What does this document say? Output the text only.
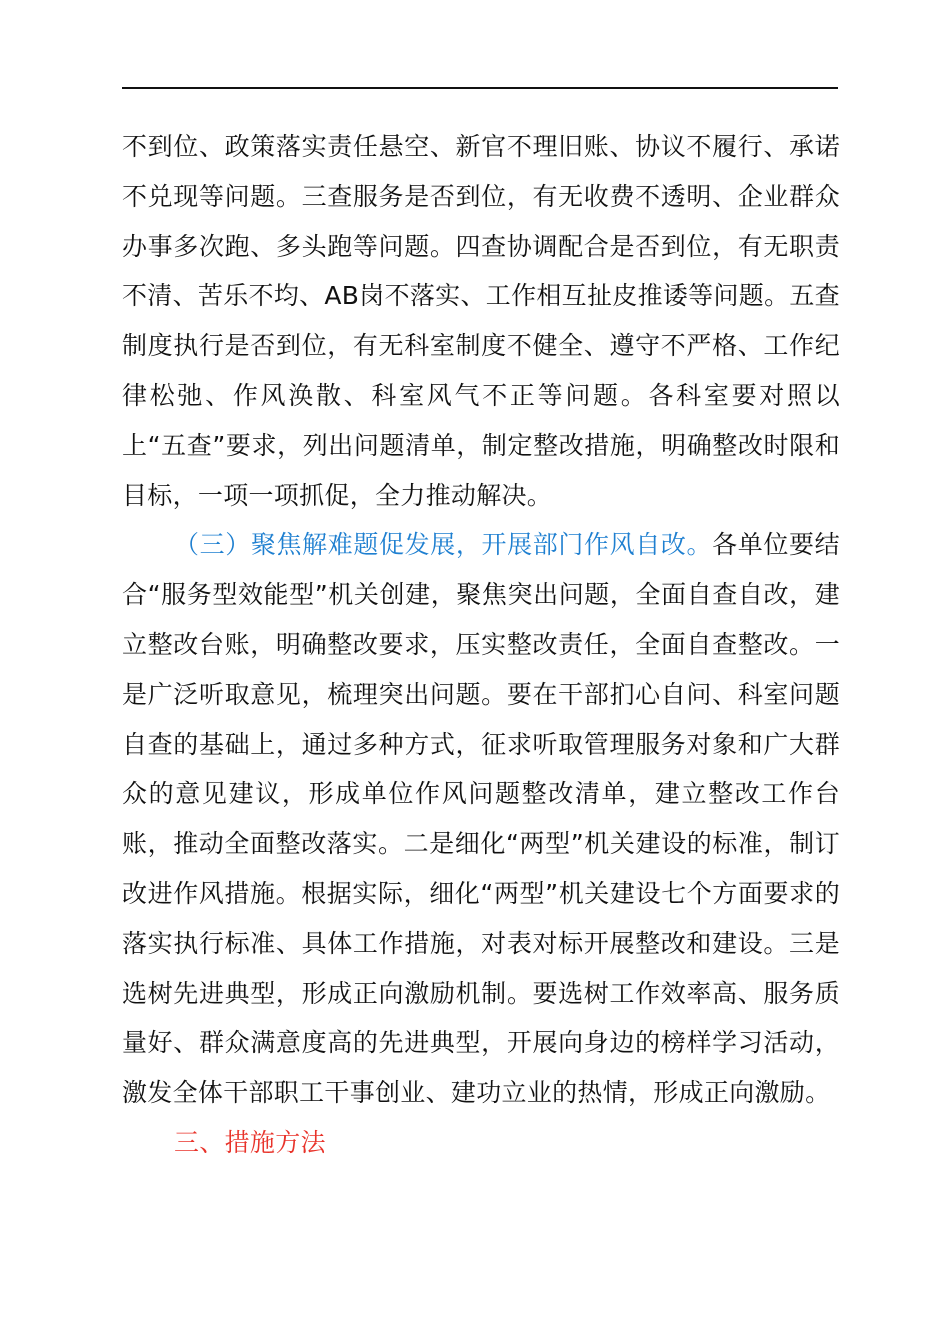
不到位、政策落实责任悬空、新官不理旧账、协议不履行、承诺不兑现等问题。三查服务是否到位，有无收费不透明、企业群众办事多次跑、多头跑等问题。四查协调配合是否到位，有无职责不清、苦乐不均、AB岗不落实、工作相互扯皮推诿等问题。五查制度执行是否到位，有无科室制度不健全、遵守不严格、工作纪律松弛、作风涣散、科室风气不正等问题。各科室要对照以上“五查”要求，列出问题清单，制定整改措施，明确整改时限和目标，一项一项抓促，全力推动解决。

（三）聚焦解难题促发展，开展部门作风自改。各单位要结合“服务型效能型”机关创建，聚焦突出问题，全面自查自改，建立整改台账，明确整改要求，压实整改责任，全面自查整改。一是广泛听取意见，梳理突出问题。要在干部扪心自问、科室问题自查的基础上，通过多种方式，征求听取管理服务对象和广大群众的意见建议，形成单位作风问题整改清单，建立整改工作台账，推动全面整改落实。二是细化“两型”机关建设的标准，制订改进作风措施。根据实际，细化“两型”机关建设七个方面要求的落实执行标准、具体工作措施，对表对标开展整改和建设。三是选树先进典型，形成正向激励机制。要选树工作效率高、服务质量好、群众满意度高的先进典型，开展向身边的榜样学习活动，激发全体干部职工干事创业、建功立业的热情，形成正向激励。

三、措施方法
